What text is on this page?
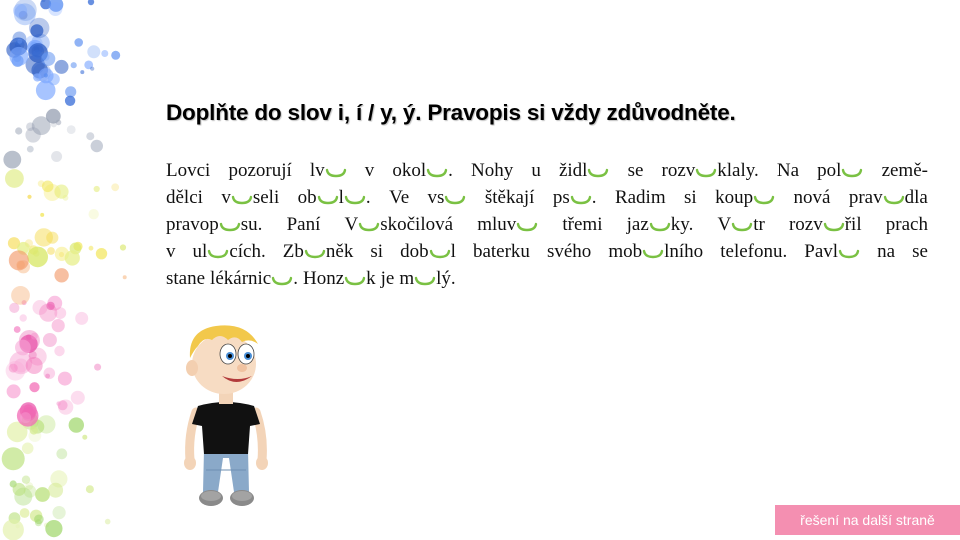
Doplňte do slov i, í / y, ý. Pravopis si vždy zdůvodněte.
Lovci pozorují lv	v okol . Nohy u židl	se rozv klaly. Na pol	země-
dělci v seli ob l . Ve vs	štěkají ps . Radim si koup	nová prav dla
pravop su. Paní V skočilová mluv	třemi jaz ky. V tr rozv řil prach
v ul cích. Zb něk si dob l baterku svého mob lního telefonu. Pavl	na se
stane lékárnic . Honz k je m lý.
řešení na další straně
